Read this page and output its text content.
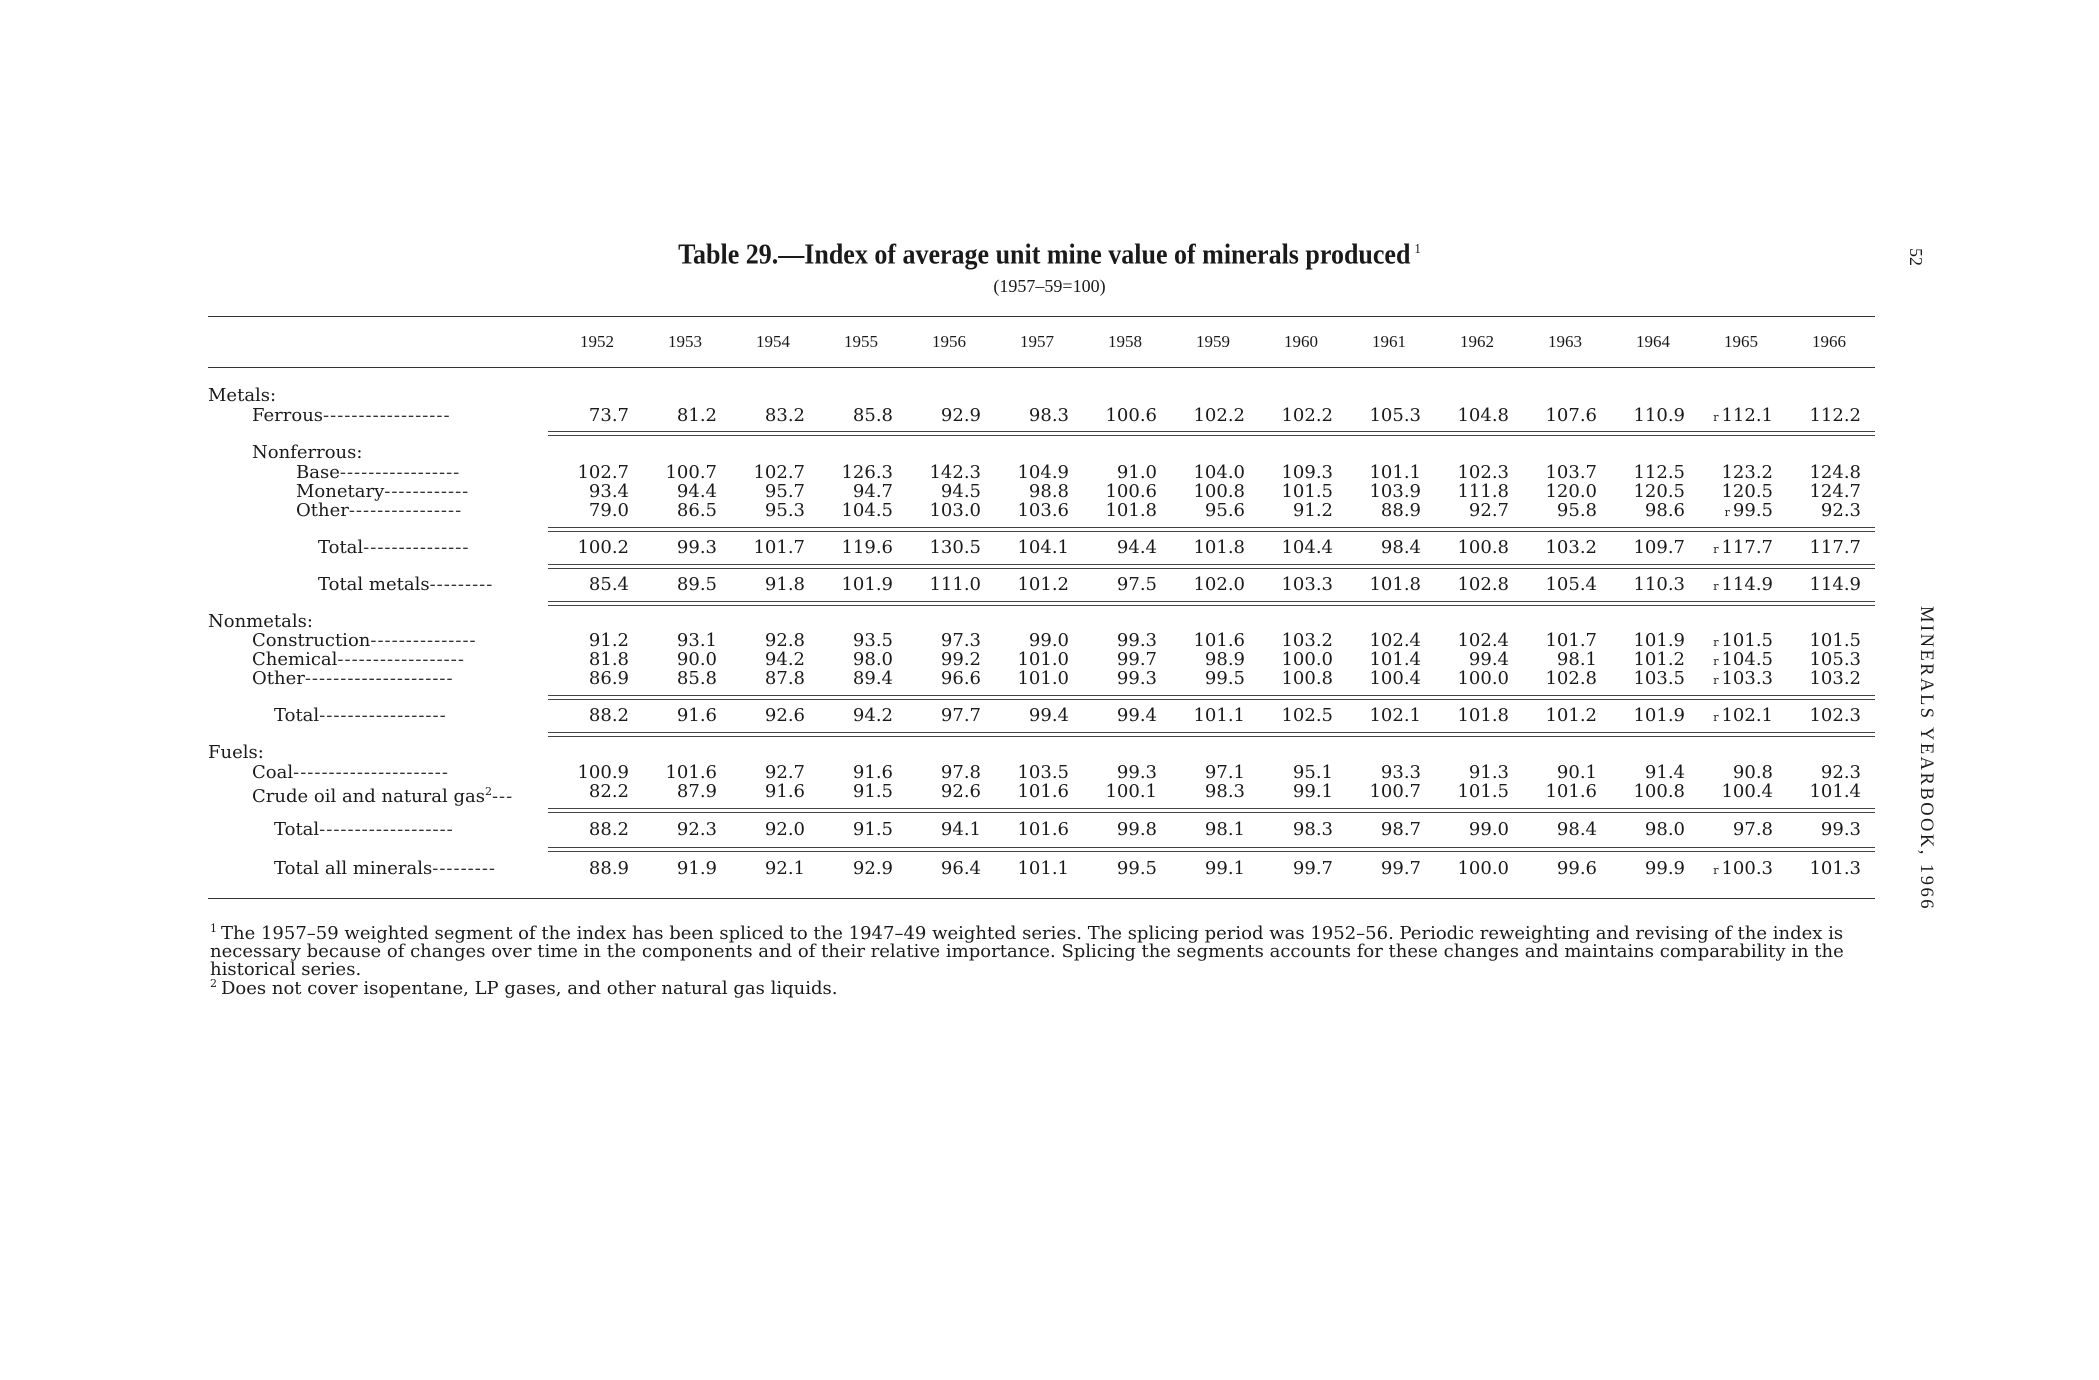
Table 29.—Index of average unit mine value of minerals produced $^1$
(1957–59=100)
52
MINERALS YEARBOOK, 1966
1952	1953	1954	1955	1956	1957	1958	1959	1960	1961	1962	1963	1964	1965	1966
Metals:
Ferrous------------------	73.7	81.2	83.2	85.8	92.9	98.3	100.6	102.2	102.2	105.3	104.8	107.6	110.9	r 112.1	112.2
Nonferrous:
Base-----------------	102.7	100.7	102.7	126.3	142.3	104.9	91.0	104.0	109.3	101.1	102.3	103.7	112.5	123.2	124.8
Monetary------------	93.4	94.4	95.7	94.7	94.5	98.8	100.6	100.8	101.5	103.9	111.8	120.0	120.5	120.5	124.7
Other----------------	79.0	86.5	95.3	104.5	103.0	103.6	101.8	95.6	91.2	88.9	92.7	95.8	98.6	r 99.5	92.3
Total---------------	100.2	99.3	101.7	119.6	130.5	104.1	94.4	101.8	104.4	98.4	100.8	103.2	109.7	r 117.7	117.7
Total metals---------	85.4	89.5	91.8	101.9	111.0	101.2	97.5	102.0	103.3	101.8	102.8	105.4	110.3	r 114.9	114.9
Nonmetals:
Construction---------------	91.2	93.1	92.8	93.5	97.3	99.0	99.3	101.6	103.2	102.4	102.4	101.7	101.9	r 101.5	101.5
Chemical------------------	81.8	90.0	94.2	98.0	99.2	101.0	99.7	98.9	100.0	101.4	99.4	98.1	101.2	r 104.5	105.3
Other---------------------	86.9	85.8	87.8	89.4	96.6	101.0	99.3	99.5	100.8	100.4	100.0	102.8	103.5	r 103.3	103.2
Total------------------	88.2	91.6	92.6	94.2	97.7	99.4	99.4	101.1	102.5	102.1	101.8	101.2	101.9	r 102.1	102.3
Fuels:
Coal----------------------	100.9	101.6	92.7	91.6	97.8	103.5	99.3	97.1	95.1	93.3	91.3	90.1	91.4	90.8	92.3
Crude oil and natural gas$^2$---	82.2	87.9	91.6	91.5	92.6	101.6	100.1	98.3	99.1	100.7	101.5	101.6	100.8	100.4	101.4
Total-------------------	88.2	92.3	92.0	91.5	94.1	101.6	99.8	98.1	98.3	98.7	99.0	98.4	98.0	97.8	99.3
Total all minerals---------	88.9	91.9	92.1	92.9	96.4	101.1	99.5	99.1	99.7	99.7	100.0	99.6	99.9	r 100.3	101.3
$^1$ The 1957–59 weighted segment of the index has been spliced to the 1947–49 weighted series. The splicing period was 1952–56. Periodic reweighting and revising of the index is necessary because of changes over time in the components and of their relative importance. Splicing the segments accounts for these changes and maintains comparability in the historical series.
$^2$ Does not cover isopentane, LP gases, and other natural gas liquids.
